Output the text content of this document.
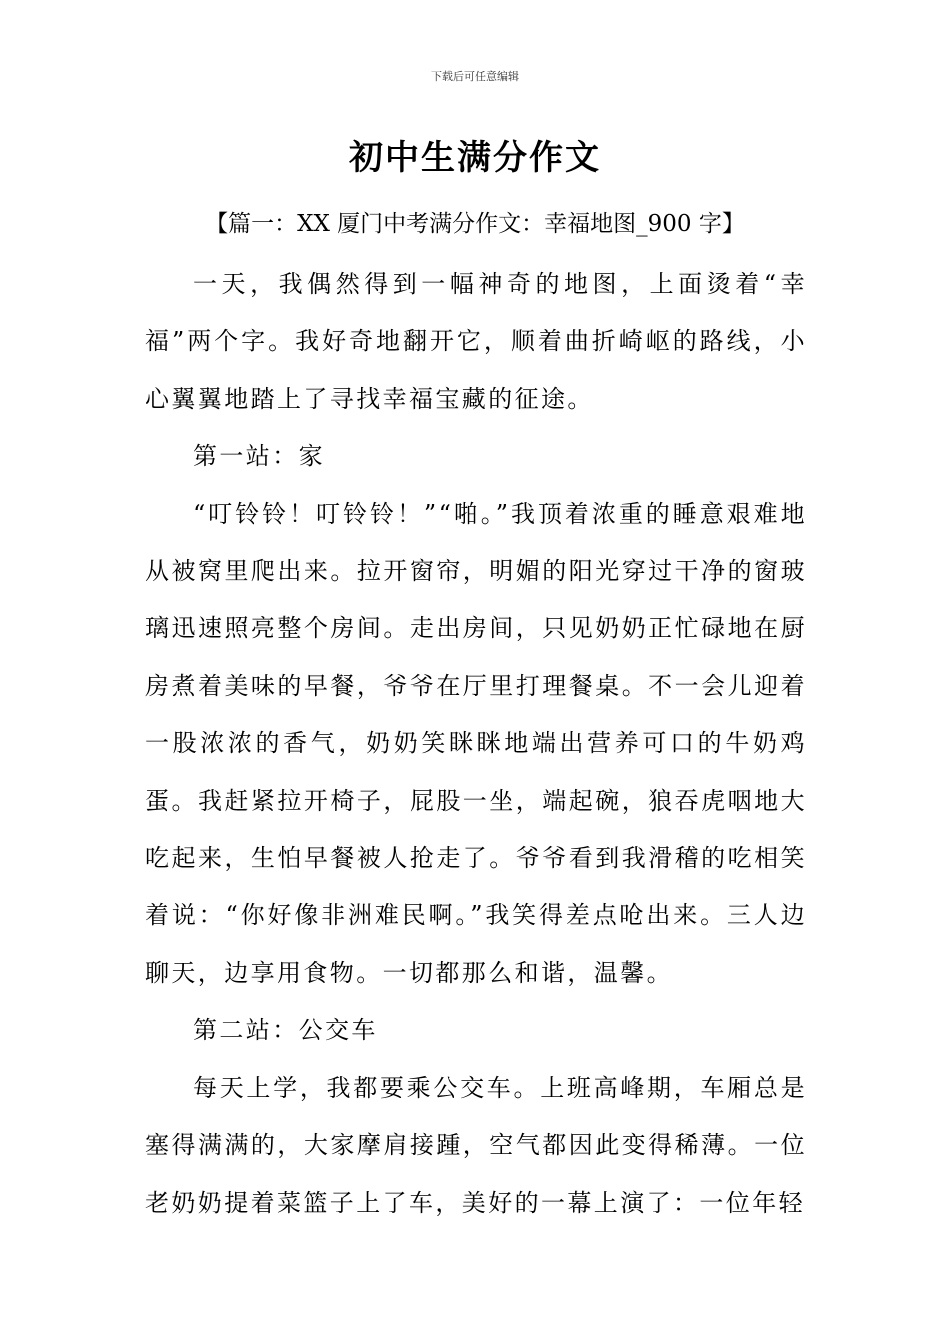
下载后可任意编辑
初中生满分作文
【篇一：XX 厦门中考满分作文：幸福地图_900 字】

一天，我偶然得到一幅神奇的地图，上面烫着“幸福”两个字。我好奇地翻开它，顺着曲折崎岖的路线，小心翼翼地踏上了寻找幸福宝藏的征途。

第一站：家

“叮铃铃！叮铃铃！”“啪。”我顶着浓重的睡意艰难地从被窝里爬出来。拉开窗帘，明媚的阳光穿过干净的窗玻璃迅速照亮整个房间。走出房间，只见奶奶正忙碌地在厨房煮着美味的早餐，爷爷在厅里打理餐桌。不一会儿迎着一股浓浓的香气，奶奶笑眯眯地端出营养可口的牛奶鸡蛋。我赶紧拉开椅子，屁股一坐，端起碗，狼吞虎咽地大吃起来，生怕早餐被人抢走了。爷爷看到我滑稽的吃相笑着说：“你好像非洲难民啊。”我笑得差点呛出来。三人边聊天，边享用食物。一切都那么和谐，温馨。

第二站：公交车

每天上学，我都要乘公交车。上班高峰期，车厢总是塞得满满的，大家摩肩接踵，空气都因此变得稀薄。一位老奶奶提着菜篮子上了车，美好的一幕上演了：一位年轻
